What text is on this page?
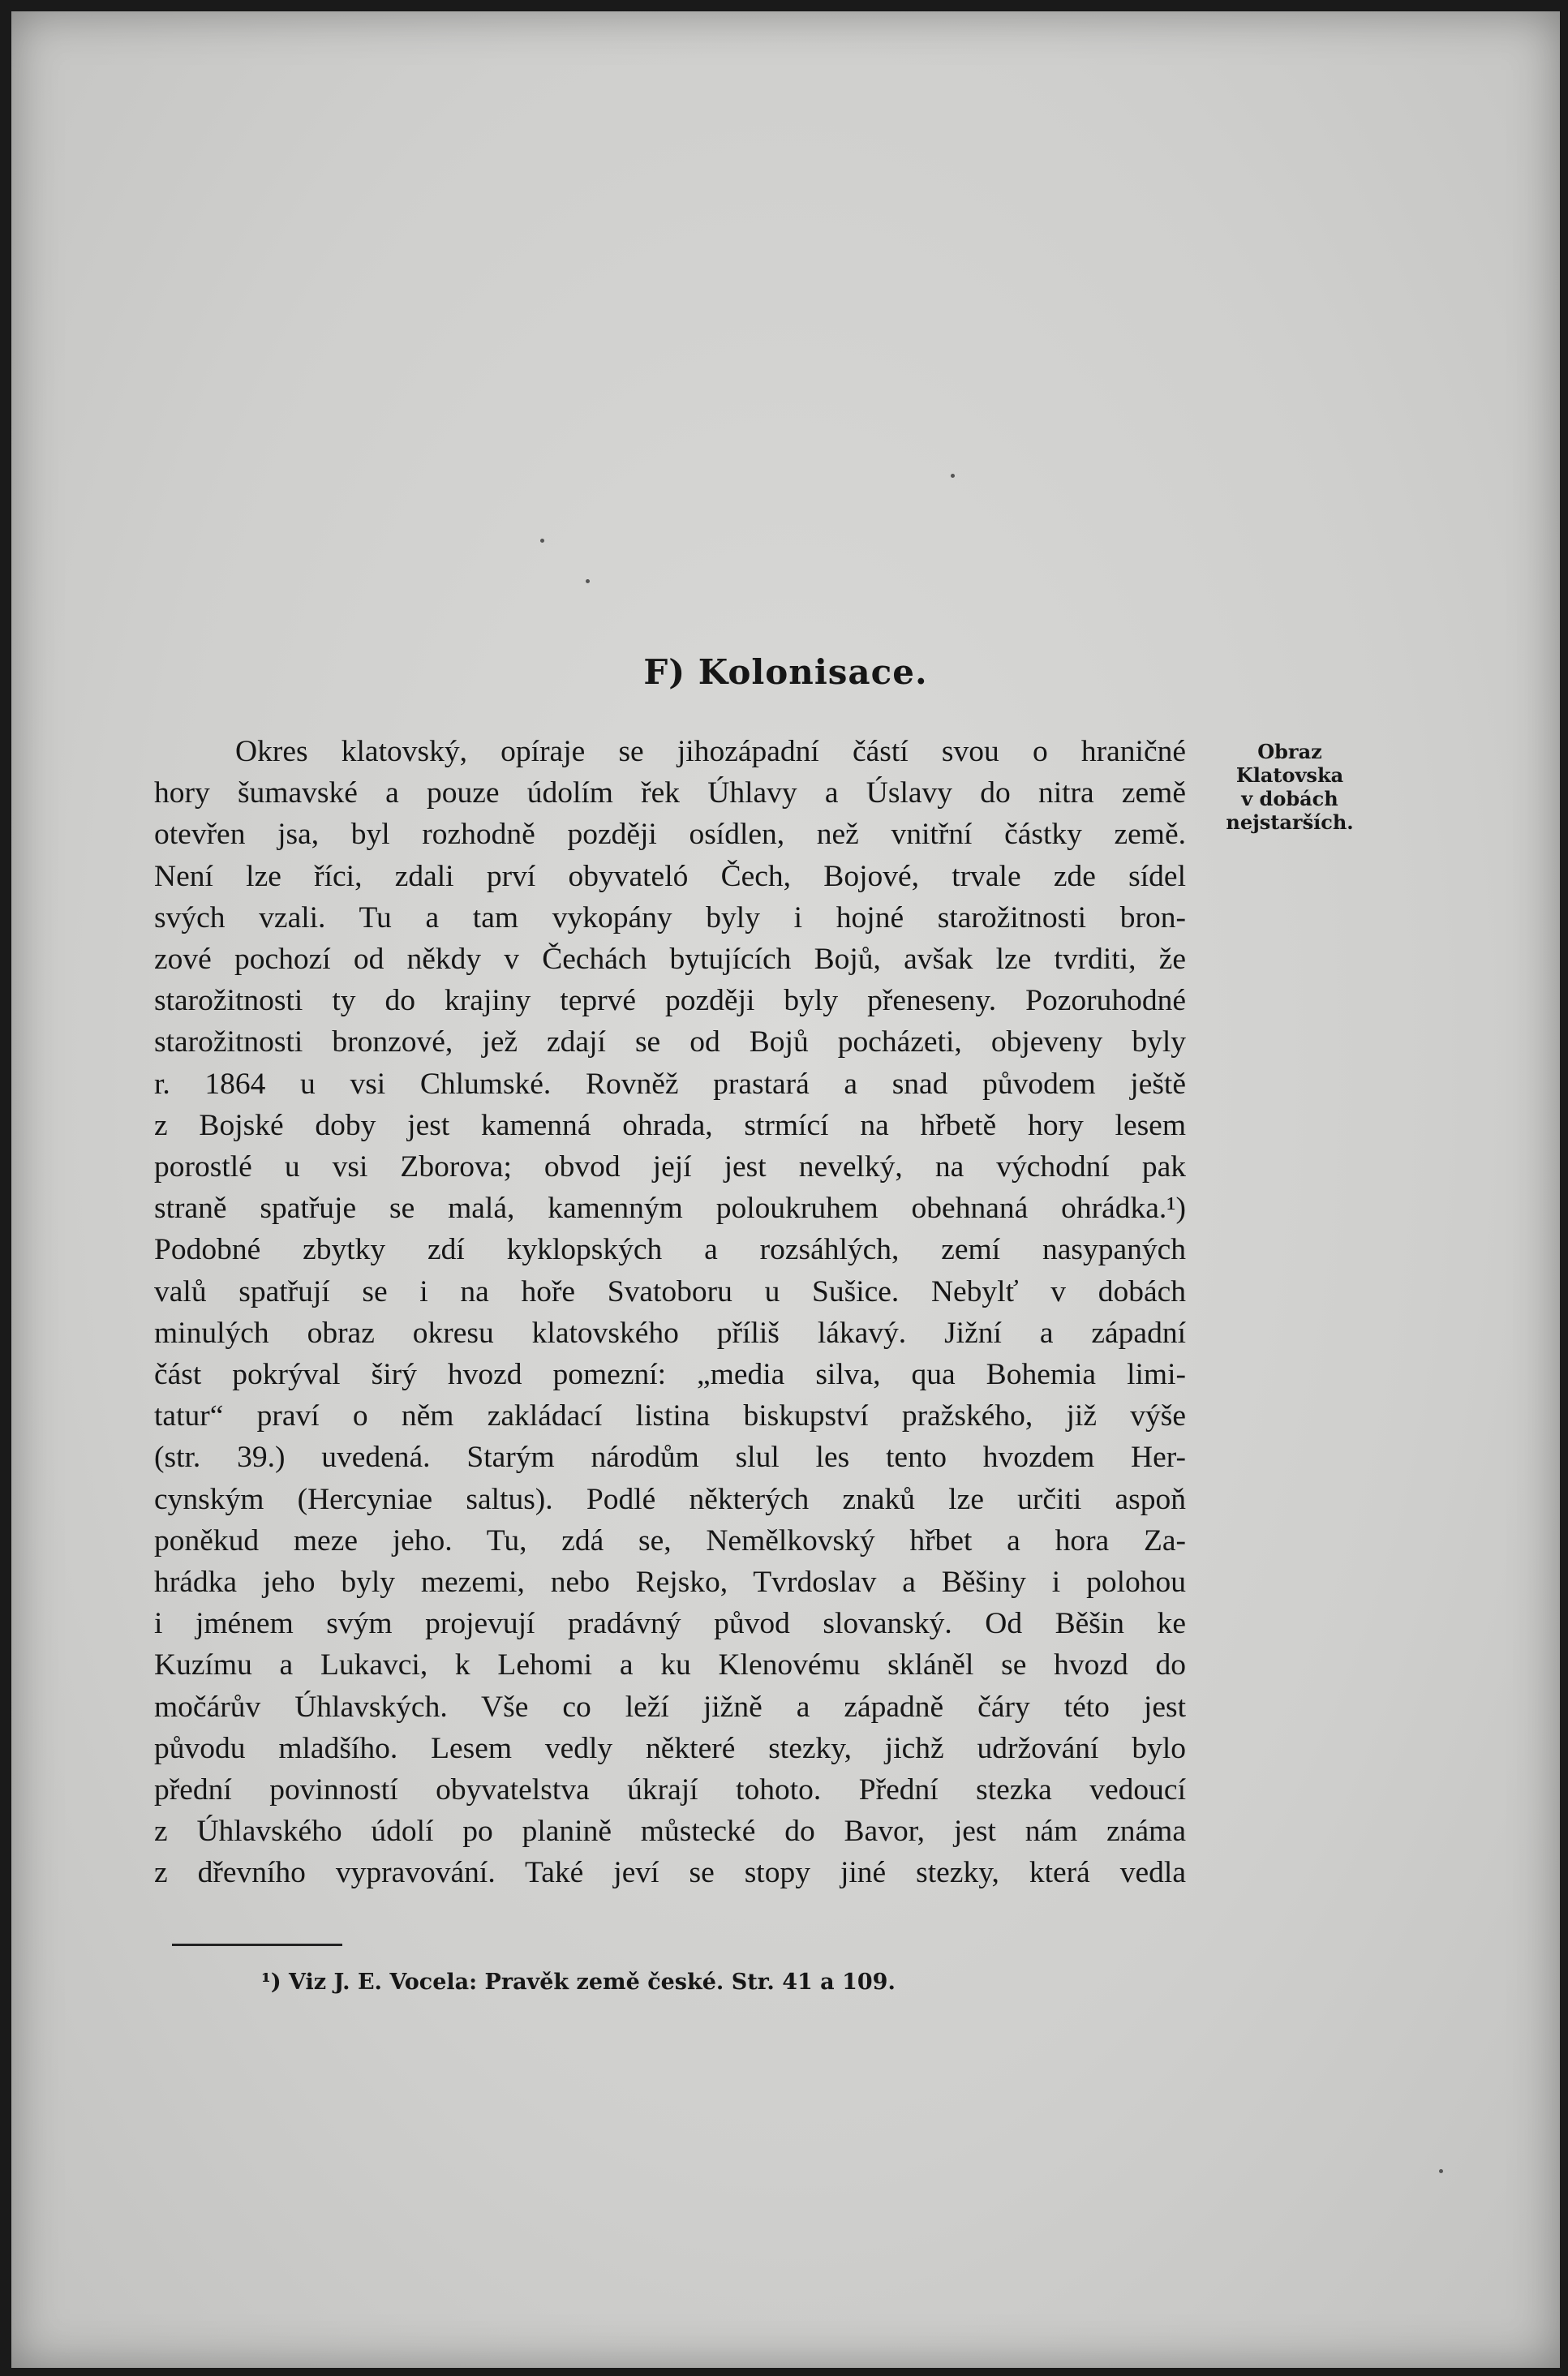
F) Kolonisace.
Obraz
Klatovska
v dobách
nejstarších.
Okres klatovský, opíraje se jihozápadní částí svou o hraničné
hory šumavské a pouze údolím řek Úhlavy a Úslavy do nitra země
otevřen jsa, byl rozhodně později osídlen, než vnitřní částky země.
Není lze říci, zdali prví obyvateló Čech, Bojové, trvale zde sídel
svých vzali. Tu a tam vykopány byly i hojné starožitnosti bron-
zové pochozí od někdy v Čechách bytujících Bojů, avšak lze tvrditi, že
starožitnosti ty do krajiny teprvé později byly přeneseny. Pozoruhodné
starožitnosti bronzové, jež zdají se od Bojů pocházeti, objeveny byly
r. 1864 u vsi Chlumské. Rovněž prastará a snad původem ještě
z Bojské doby jest kamenná ohrada, strmící na hřbetě hory lesem
porostlé u vsi Zborova; obvod její jest nevelký, na východní pak
straně spatřuje se malá, kamenným poloukruhem obehnaná ohrádka.¹)
Podobné zbytky zdí kyklopských a rozsáhlých, zemí nasypaných
valů spatřují se i na hoře Svatoboru u Sušice. Nebylť v dobách
minulých obraz okresu klatovského příliš lákavý. Jižní a západní
část pokrýval širý hvozd pomezní: „media silva, qua Bohemia limi-
tatur“ praví o něm zakládací listina biskupství pražského, již výše
(str. 39.) uvedená. Starým národům slul les tento hvozdem Her-
cynským (Hercyniae saltus). Podlé některých znaků lze určiti aspoň
poněkud meze jeho. Tu, zdá se, Nemělkovský hřbet a hora Za-
hrádka jeho byly mezemi, nebo Rejsko, Tvrdoslav a Běšiny i polohou
i jménem svým projevují pradávný původ slovanský. Od Běšin ke
Kuzímu a Lukavci, k Lehomi a ku Klenovému skláněl se hvozd do
močárův Úhlavských. Vše co leží jižně a západně čáry této jest
původu mladšího. Lesem vedly některé stezky, jichž udržování bylo
přední povinností obyvatelstva úkrají tohoto. Přední stezka vedoucí
z Úhlavského údolí po planině můstecké do Bavor, jest nám známa
z dřevního vypravování. Také jeví se stopy jiné stezky, která vedla
¹) Viz J. E. Vocela: Pravěk země české. Str. 41 a 109.
